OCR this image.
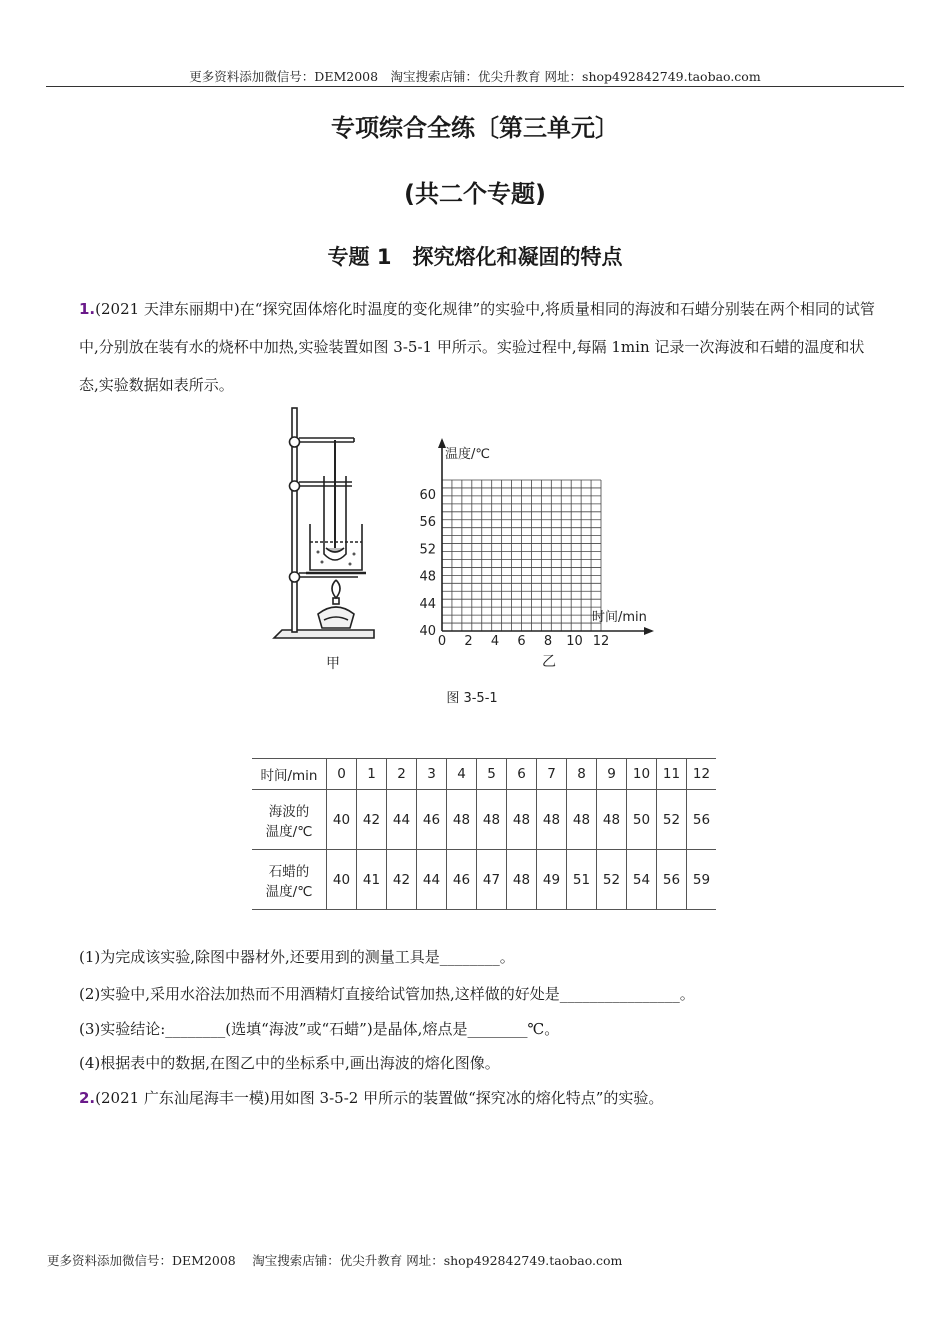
更多资料添加微信号：DEM2008　淘宝搜索店铺：优尖升教育 网址：shop492842749.taobao.com
专项综合全练〔第三单元〕
(共二个专题)
专题 1　探究熔化和凝固的特点
1.(2021 天津东丽期中)在“探究固体熔化时温度的变化规律”的实验中,将质量相同的海波和石蜡分别装在两个相同的试管中,分别放在装有水的烧杯中加热,实验装置如图 3-5-1 甲所示。实验过程中,每隔 1min 记录一次海波和石蜡的温度和状态,实验数据如表所示。
甲
0 2 4 6 8 10 12
40
44
48
52
56
60
温度/℃
时间/min
乙
图 3-5-1
时间/min	0	1	2	3	4	5	6	7	8	9	10	11	12
海波的
温度/℃	40	42	44	46	48	48	48	48	48	48	50	52	56
石蜡的
温度/℃	40	41	42	44	46	47	48	49	51	52	54	56	59
(1)为完成该实验,除图中器材外,还要用到的测量工具是________。
(2)实验中,采用水浴法加热而不用酒精灯直接给试管加热,这样做的好处是________________。
(3)实验结论:________(选填“海波”或“石蜡”)是晶体,熔点是________℃。
(4)根据表中的数据,在图乙中的坐标系中,画出海波的熔化图像。
2.(2021 广东汕尾海丰一模)用如图 3-5-2 甲所示的装置做“探究冰的熔化特点”的实验。
更多资料添加微信号：DEM2008　 淘宝搜索店铺：优尖升教育 网址：shop492842749.taobao.com
